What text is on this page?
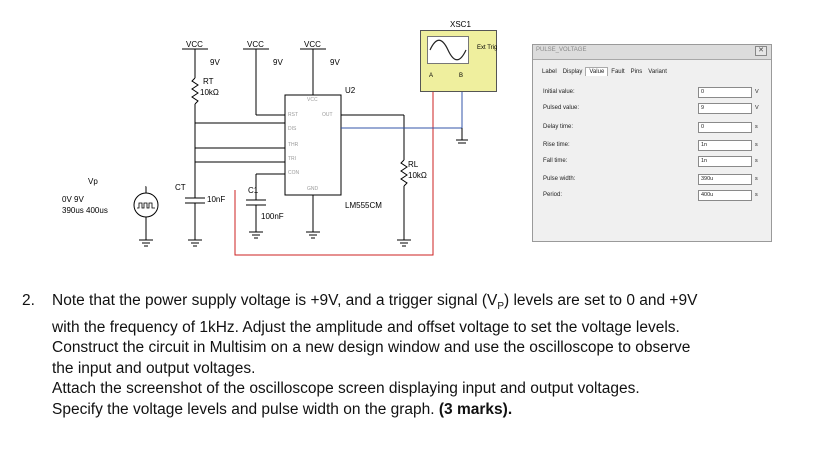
VCC	VCC	VCC
9V	9V	9V
RT
10kΩ	U2
LM555CM
VCC
RST	OUT
DIS
THR
TRI
CON
GND
RL
10kΩ
Vp
0V 9V
390us 400us
CT
10nF
C1
100nF
XSC1
Ext Trig
A	B
PULSE_VOLTAGE	✕
Label Display Value Fault Pins Variant
Initial value:	0	V
Pulsed value:	9	V
Delay time:	0	s
Rise time:	1n	s
Fall time:	1n	s
Pulse width:	390u	s
Period:	400u	s
2. Note that the power supply voltage is +9V, and a trigger signal $(V_P)$ levels are set to 0 and +9V
with the frequency of 1kHz. Adjust the amplitude and offset voltage to set the voltage levels.
Construct the circuit in Multisim on a new design window and use the oscilloscope to observe
the input and output voltages.
Attach the screenshot of the oscilloscope screen displaying input and output voltages.
Specify the voltage levels and pulse width on the graph. (3 marks).
